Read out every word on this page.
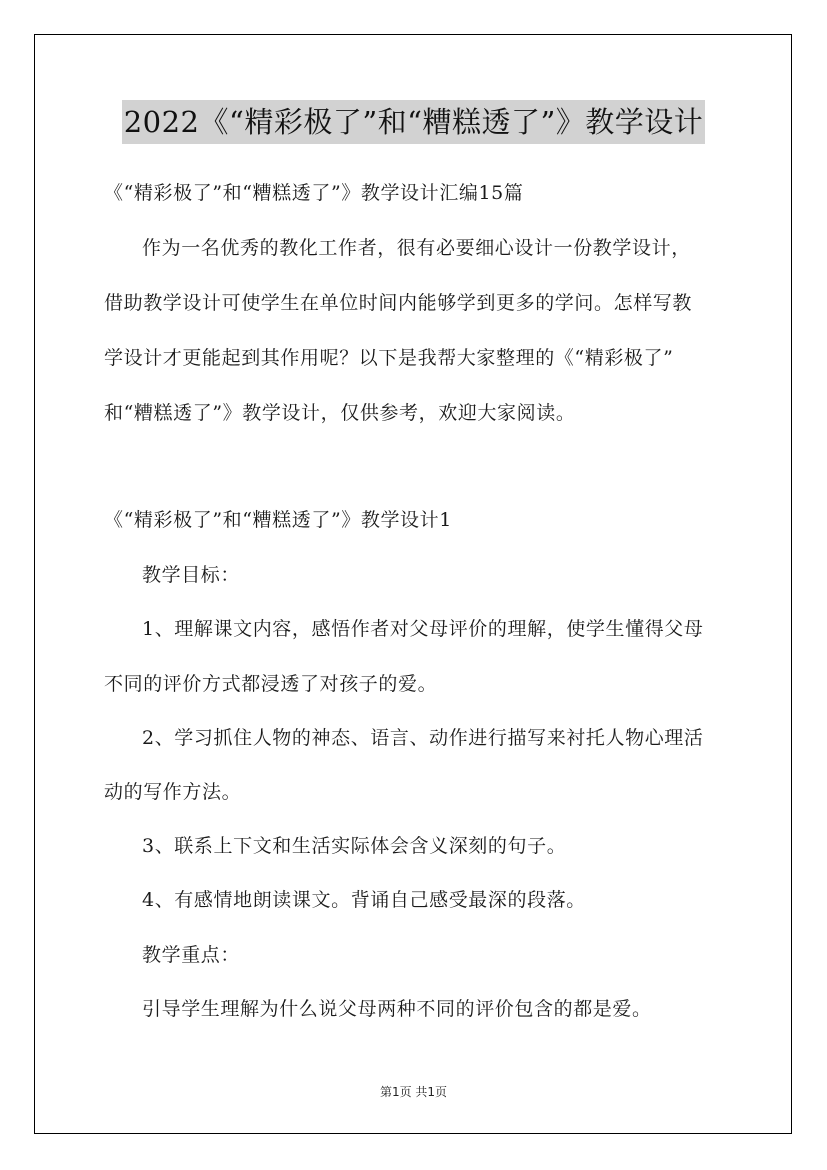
2022《“精彩极了”和“糟糕透了”》教学设计
《“精彩极了”和“糟糕透了”》教学设计汇编15篇
作为一名优秀的教化工作者，很有必要细心设计一份教学设计，
借助教学设计可使学生在单位时间内能够学到更多的学问。怎样写教
学设计才更能起到其作用呢？以下是我帮大家整理的《“精彩极了”
和“糟糕透了”》教学设计，仅供参考，欢迎大家阅读。
《“精彩极了”和“糟糕透了”》教学设计1
教学目标：
1、理解课文内容，感悟作者对父母评价的理解，使学生懂得父母
不同的评价方式都浸透了对孩子的爱。
2、学习抓住人物的神态、语言、动作进行描写来衬托人物心理活
动的写作方法。
3、联系上下文和生活实际体会含义深刻的句子。
4、有感情地朗读课文。背诵自己感受最深的段落。
教学重点：
引导学生理解为什么说父母两种不同的评价包含的都是爱。
第1页 共1页
